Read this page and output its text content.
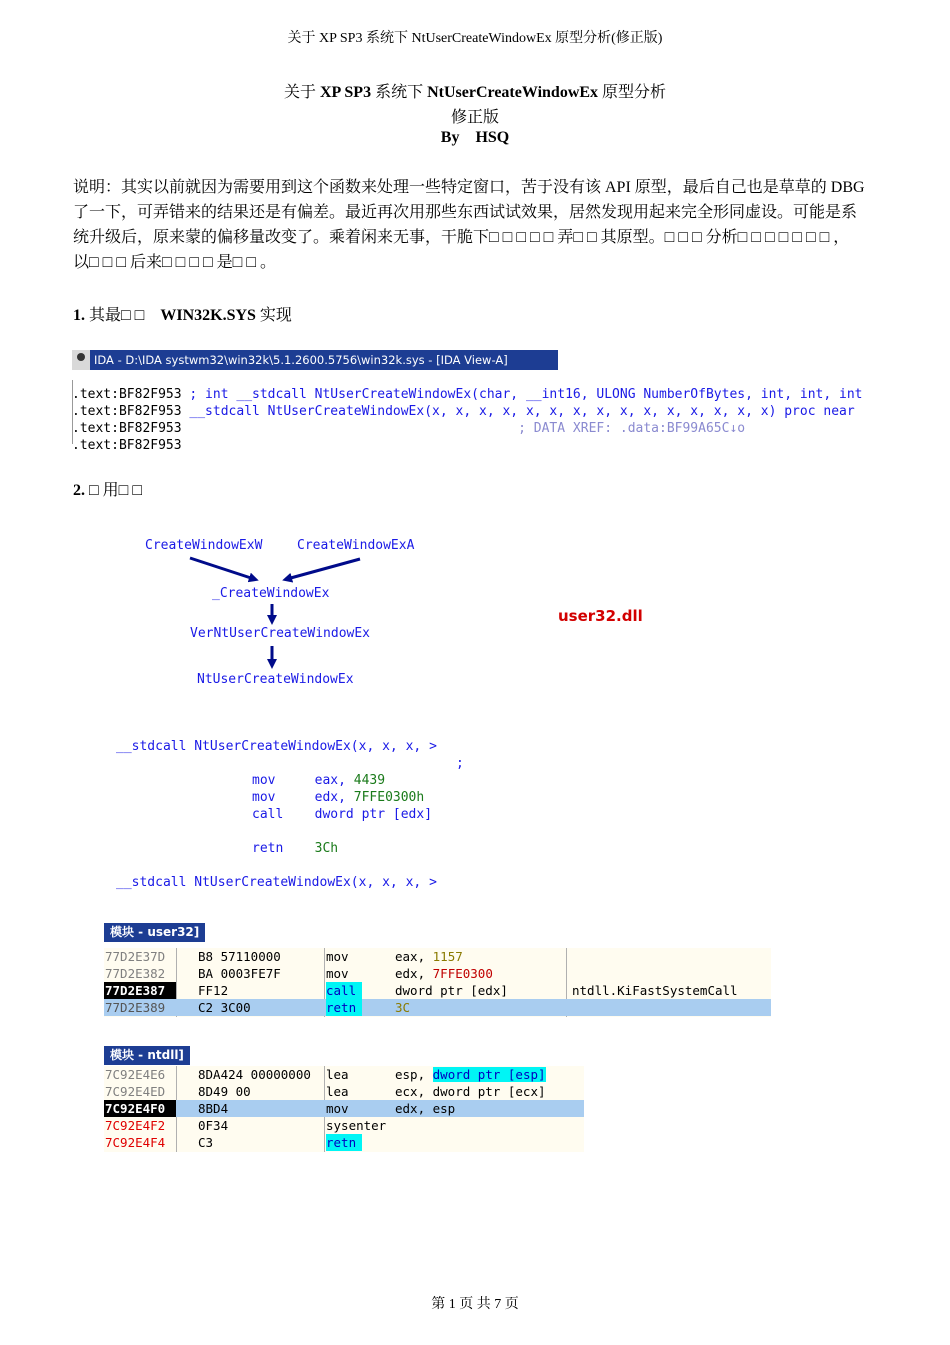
关于 XP SP3 系统下 NtUserCreateWindowEx 原型分析(修正版)
关于 XP SP3 系统下 NtUserCreateWindowEx 原型分析
修正版
By HSQ
说明：其实以前就因为需要用到这个函数来处理一些特定窗口，苦于没有该 API 原型，最后自己也是草草的 DBG
了一下，可弄错来的结果还是有偏差。最近再次用那些东西试试效果，居然发现用起来完全形同虚设。可能是系
统升级后，原来蒙的偏移量改变了。乘着闲来无事，干脆下□ □ □ □ □ 弄□ □ 其原型。□ □ □ 分析□ □ □ □ □ □ □ ，
以□ □ □ 后来□ □ □ □ 是□ □ 。
1. 其最□ □ WIN32K.SYS 实现
IDA - D:\IDA systwm32\win32k\5.1.2600.5756\win32k.sys - [IDA View-A]
.text:BF82F953 ; int __stdcall NtUserCreateWindowEx(char, __int16, ULONG NumberOfBytes, int, int, int
.text:BF82F953 __stdcall NtUserCreateWindowEx(x, x, x, x, x, x, x, x, x, x, x, x, x, x, x) proc near
.text:BF82F953                                           ; DATA XREF: .data:BF99A65C↓o
.text:BF82F953
2. □ 用□ □
CreateWindowExW	CreateWindowExA
_CreateWindowEx
VerNtUserCreateWindowEx
NtUserCreateWindowEx
user32.dll
__stdcall NtUserCreateWindowEx(x, x, x, >
;
mov	eax, 4439
mov	edx, 7FFE0300h
call dword ptr [edx]
retn 3Ch
__stdcall NtUserCreateWindowEx(x, x, x, >
模块 - user32]

77D2E37D

	B8 57110000

	mov

	eax, 1157

77D2E382

	BA 0003FE7F

	mov

	edx, 7FFE0300

77D2E387

	FF12

	call

	dword ptr [edx]

	ntdll.KiFastSystemCall

77D2E389

	C2 3C00

	retn

	3C

模块 - ntdll]

7C92E4E6

	8DA424 00000000

	lea

	esp, dword ptr [esp]

7C92E4ED

	8D49 00

	lea

	ecx, dword ptr [ecx]

7C92E4F0

	8BD4

	mov

	edx, esp

7C92E4F2

	0F34

	sysenter

7C92E4F4

	C3

	retn

第 1 页 共 7 页
